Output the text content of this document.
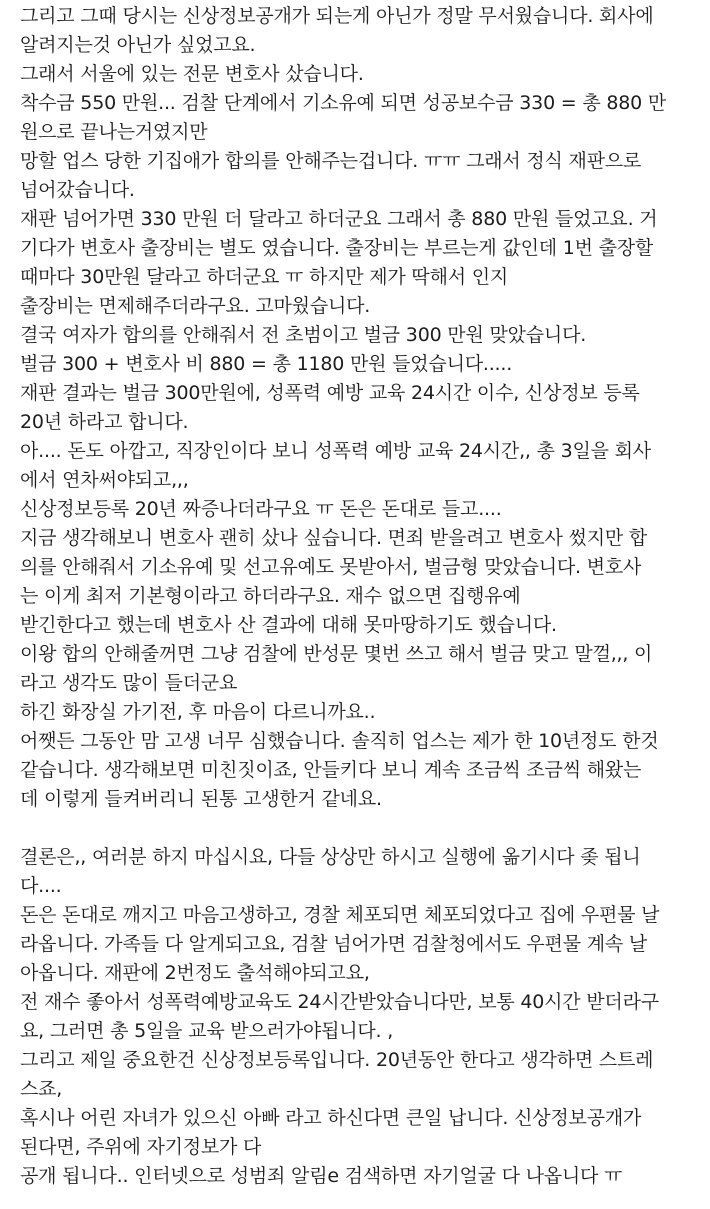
그리고 그때 당시는 신상정보공개가 되는게 아닌가 정말 무서웠습니다. 회사에
알려지는것 아닌가 싶었고요.
그래서 서울에 있는 전문 변호사 샀습니다.
착수금 550 만원... 검찰 단계에서 기소유예 되면 성공보수금 330 = 총 880 만
원으로 끝나는거였지만
망할 업스 당한 기집애가 합의를 안해주는겁니다. ㅠㅠ 그래서 정식 재판으로
넘어갔습니다.
재판 넘어가면 330 만원 더 달라고 하더군요 그래서 총 880 만원 들었고요. 거
기다가 변호사 출장비는 별도 였습니다. 출장비는 부르는게 값인데 1번 출장할
때마다 30만원 달라고 하더군요 ㅠ 하지만 제가 딱해서 인지
출장비는 면제해주더라구요. 고마웠습니다.
결국 여자가 합의를 안해줘서 전 초범이고 벌금 300 만원 맞았습니다.
벌금 300 + 변호사 비 880 = 총 1180 만원 들었습니다.....
재판 결과는 벌금 300만원에, 성폭력 예방 교육 24시간 이수, 신상정보 등록
20년 하라고 합니다.
아.... 돈도 아깝고, 직장인이다 보니 성폭력 예방 교육 24시간,, 총 3일을 회사
에서 연차써야되고,,,
신상정보등록 20년 짜증나더라구요 ㅠ 돈은 돈대로 들고....
지금 생각해보니 변호사 괜히 샀나 싶습니다. 면죄 받을려고 변호사 썼지만 합
의를 안해줘서 기소유예 및 선고유예도 못받아서, 벌금형 맞았습니다. 변호사
는 이게 최저 기본형이라고 하더라구요. 재수 없으면 집행유예
받긴한다고 했는데 변호사 산 결과에 대해 못마땅하기도 했습니다.
이왕 합의 안해줄꺼면 그냥 검찰에 반성문 몇번 쓰고 해서 벌금 맞고 말껄,,, 이
라고 생각도 많이 들더군요
하긴 화장실 가기전, 후 마음이 다르니까요..
어쨋든 그동안 맘 고생 너무 심했습니다. 솔직히 업스는 제가 한 10년정도 한것
같습니다. 생각해보면 미친짓이죠, 안들키다 보니 계속 조금씩 조금씩 해왔는
데 이렇게 들켜버리니 된통 고생한거 같네요.
결론은,, 여러분 하지 마십시요, 다들 상상만 하시고 실행에 옮기시다 좆 됩니
다....
돈은 돈대로 깨지고 마음고생하고, 경찰 체포되면 체포되었다고 집에 우편물 날
라옵니다. 가족들 다 알게되고요, 검찰 넘어가면 검찰청에서도 우편물 계속 날
아옵니다. 재판에 2번정도 출석해야되고요,
전 재수 좋아서 성폭력예방교육도 24시간받았습니다만, 보통 40시간 받더라구
요, 그러면 총 5일을 교육 받으러가야됩니다. ,
그리고 제일 중요한건 신상정보등록입니다. 20년동안 한다고 생각하면 스트레
스죠,
혹시나 어린 자녀가 있으신 아빠 라고 하신다면 큰일 납니다. 신상정보공개가
된다면, 주위에 자기정보가 다
공개 됩니다.. 인터넷으로 성범죄 알림e 검색하면 자기얼굴 다 나옵니다 ㅠ
